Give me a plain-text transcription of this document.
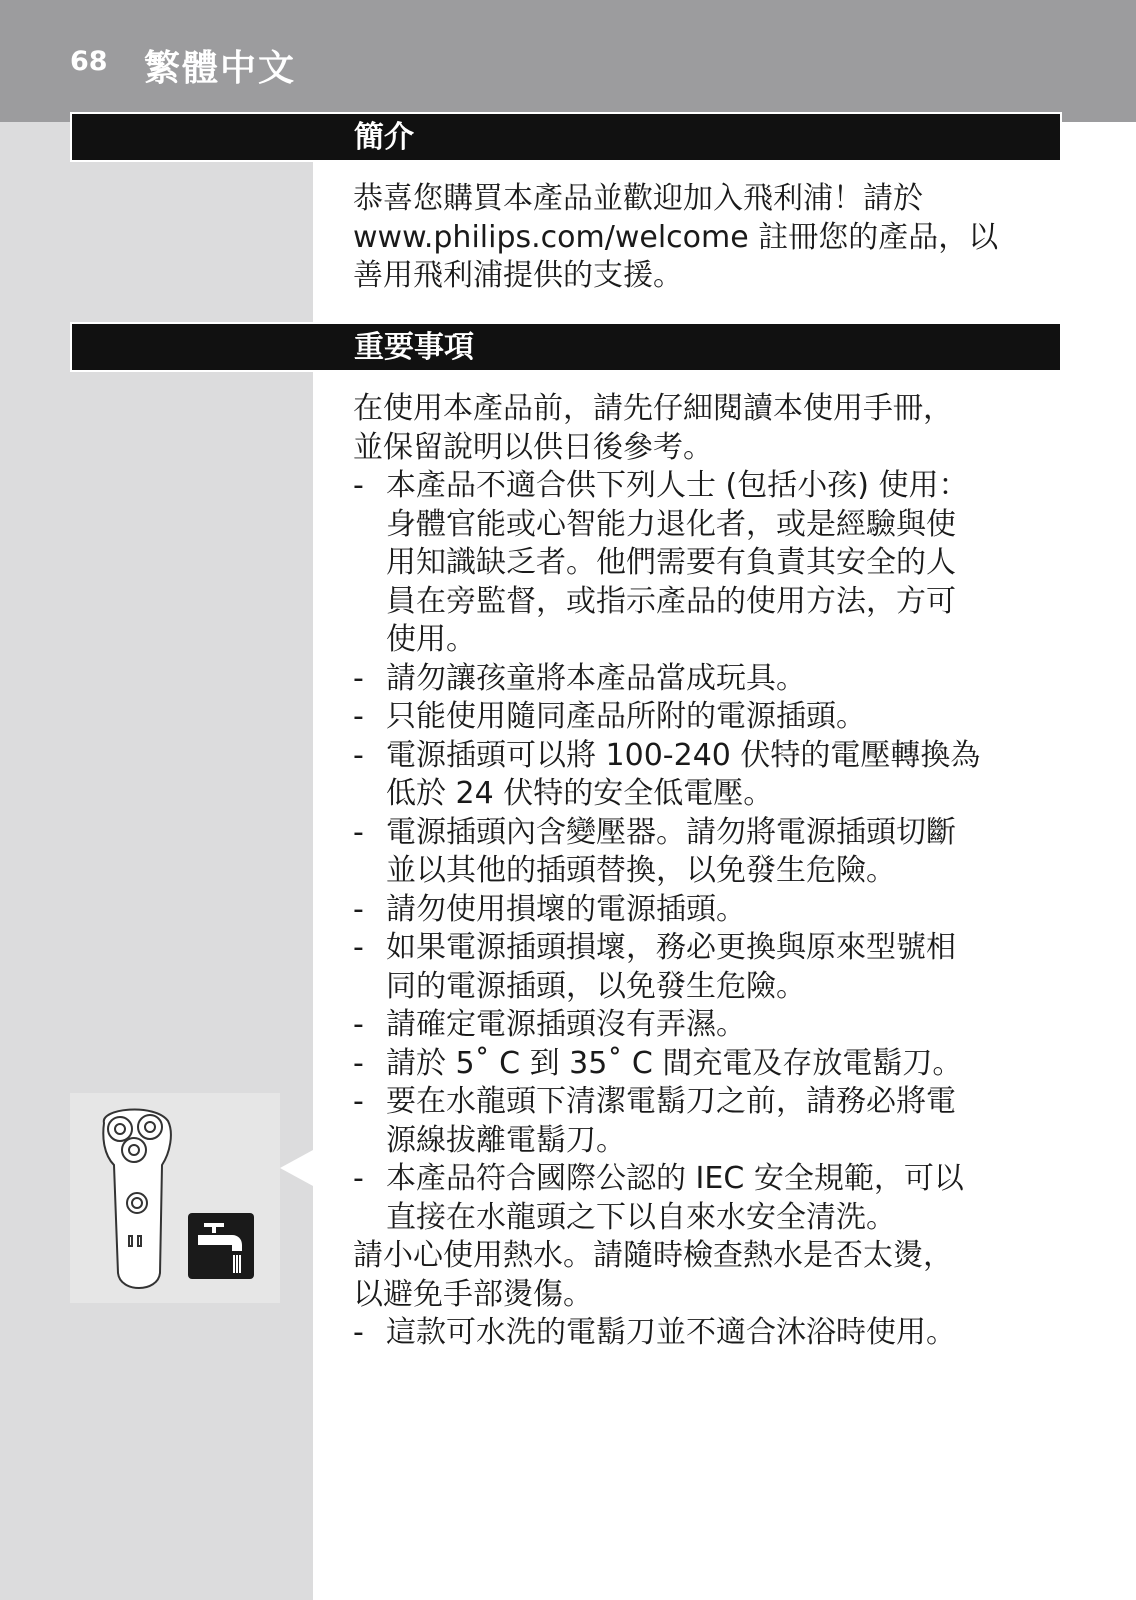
68 繁體中文
簡介
恭喜您購買本產品並歡迎加入飛利浦！請於
www.philips.com/welcome 註冊您的產品，以
善用飛利浦提供的支援。
重要事項
在使用本產品前，請先仔細閱讀本使用手冊，
並保留說明以供日後參考。
- 本產品不適合供下列人士 (包括小孩) 使用：
身體官能或心智能力退化者，或是經驗與使
用知識缺乏者。他們需要有負責其安全的人
員在旁監督，或指示產品的使用方法，方可
使用。
- 請勿讓孩童將本產品當成玩具。
- 只能使用隨同產品所附的電源插頭。
- 電源插頭可以將 100-240 伏特的電壓轉換為
低於 24 伏特的安全低電壓。
- 電源插頭內含變壓器。請勿將電源插頭切斷
並以其他的插頭替換，以免發生危險。
- 請勿使用損壞的電源插頭。
- 如果電源插頭損壞，務必更換與原來型號相
同的電源插頭，以免發生危險。
- 請確定電源插頭沒有弄濕。
- 請於 5˚ C 到 35˚ C 間充電及存放電鬍刀。
- 要在水龍頭下清潔電鬍刀之前，請務必將電
源線拔離電鬍刀。
- 本產品符合國際公認的 IEC 安全規範，可以
直接在水龍頭之下以自來水安全清洗。
請小心使用熱水。請隨時檢查熱水是否太燙，
以避免手部燙傷。
- 這款可水洗的電鬍刀並不適合沐浴時使用。
